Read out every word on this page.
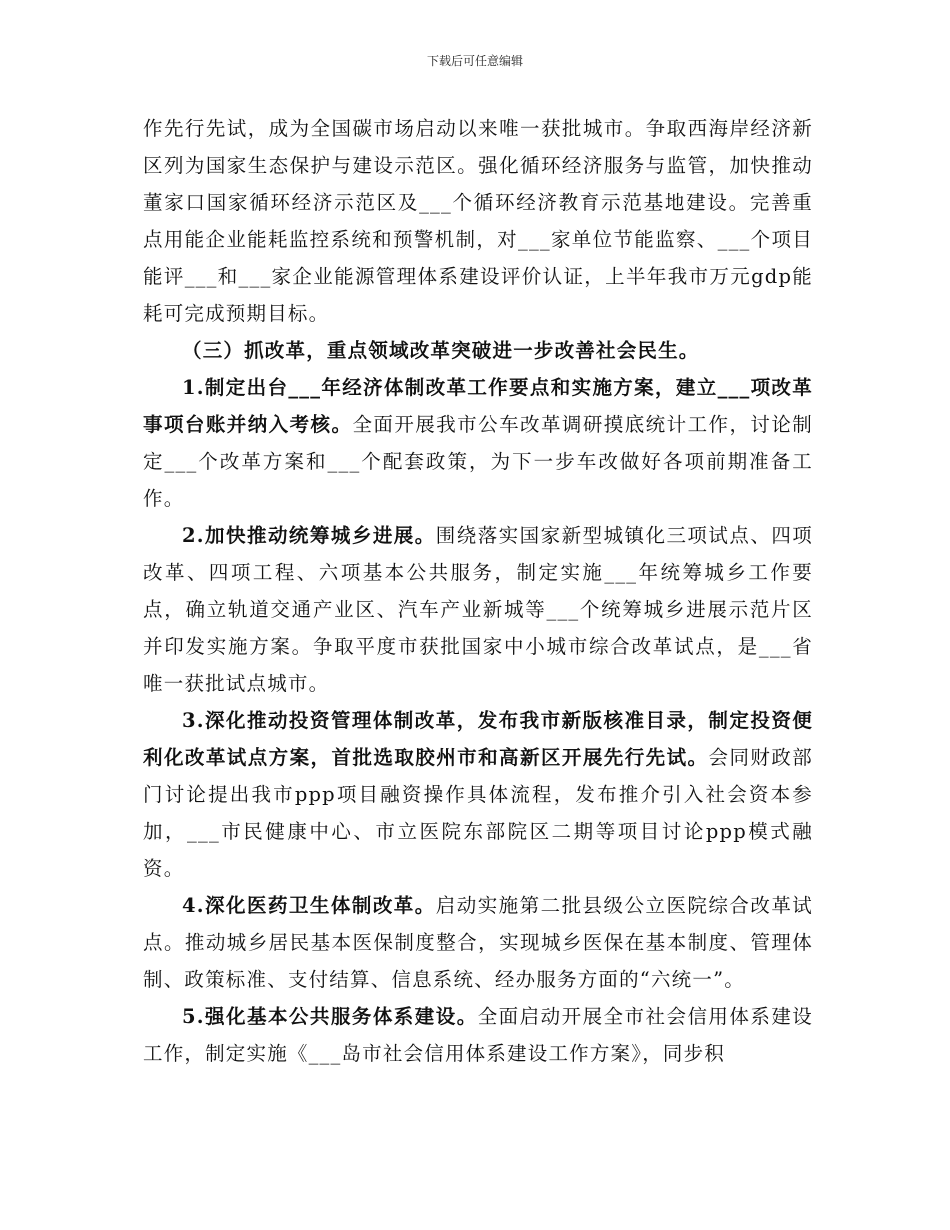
下载后可任意编辑

作先行先试，成为全国碳市场启动以来唯一获批城市。争取西海岸经济新区列为国家生态保护与建设示范区。强化循环经济服务与监管，加快推动董家口国家循环经济示范区及___个循环经济教育示范基地建设。完善重点用能企业能耗监控系统和预警机制，对___家单位节能监察、___个项目能评___和___家企业能源管理体系建设评价认证，上半年我市万元gdp能耗可完成预期目标。

（三）抓改革，重点领域改革突破进一步改善社会民生。

1.制定出台___年经济体制改革工作要点和实施方案，建立___项改革事项台账并纳入考核。全面开展我市公车改革调研摸底统计工作，讨论制定___个改革方案和___个配套政策，为下一步车改做好各项前期准备工作。

2.加快推动统筹城乡进展。围绕落实国家新型城镇化三项试点、四项改革、四项工程、六项基本公共服务，制定实施___年统筹城乡工作要点，确立轨道交通产业区、汽车产业新城等___个统筹城乡进展示范片区并印发实施方案。争取平度市获批国家中小城市综合改革试点，是___省唯一获批试点城市。

3.深化推动投资管理体制改革，发布我市新版核准目录，制定投资便利化改革试点方案，首批选取胶州市和高新区开展先行先试。会同财政部门讨论提出我市ppp项目融资操作具体流程，发布推介引入社会资本参加，___市民健康中心、市立医院东部院区二期等项目讨论ppp模式融资。

4.深化医药卫生体制改革。启动实施第二批县级公立医院综合改革试点。推动城乡居民基本医保制度整合，实现城乡医保在基本制度、管理体制、政策标准、支付结算、信息系统、经办服务方面的“六统一”。

5.强化基本公共服务体系建设。全面启动开展全市社会信用体系建设工作，制定实施《___岛市社会信用体系建设工作方案》，同步积
